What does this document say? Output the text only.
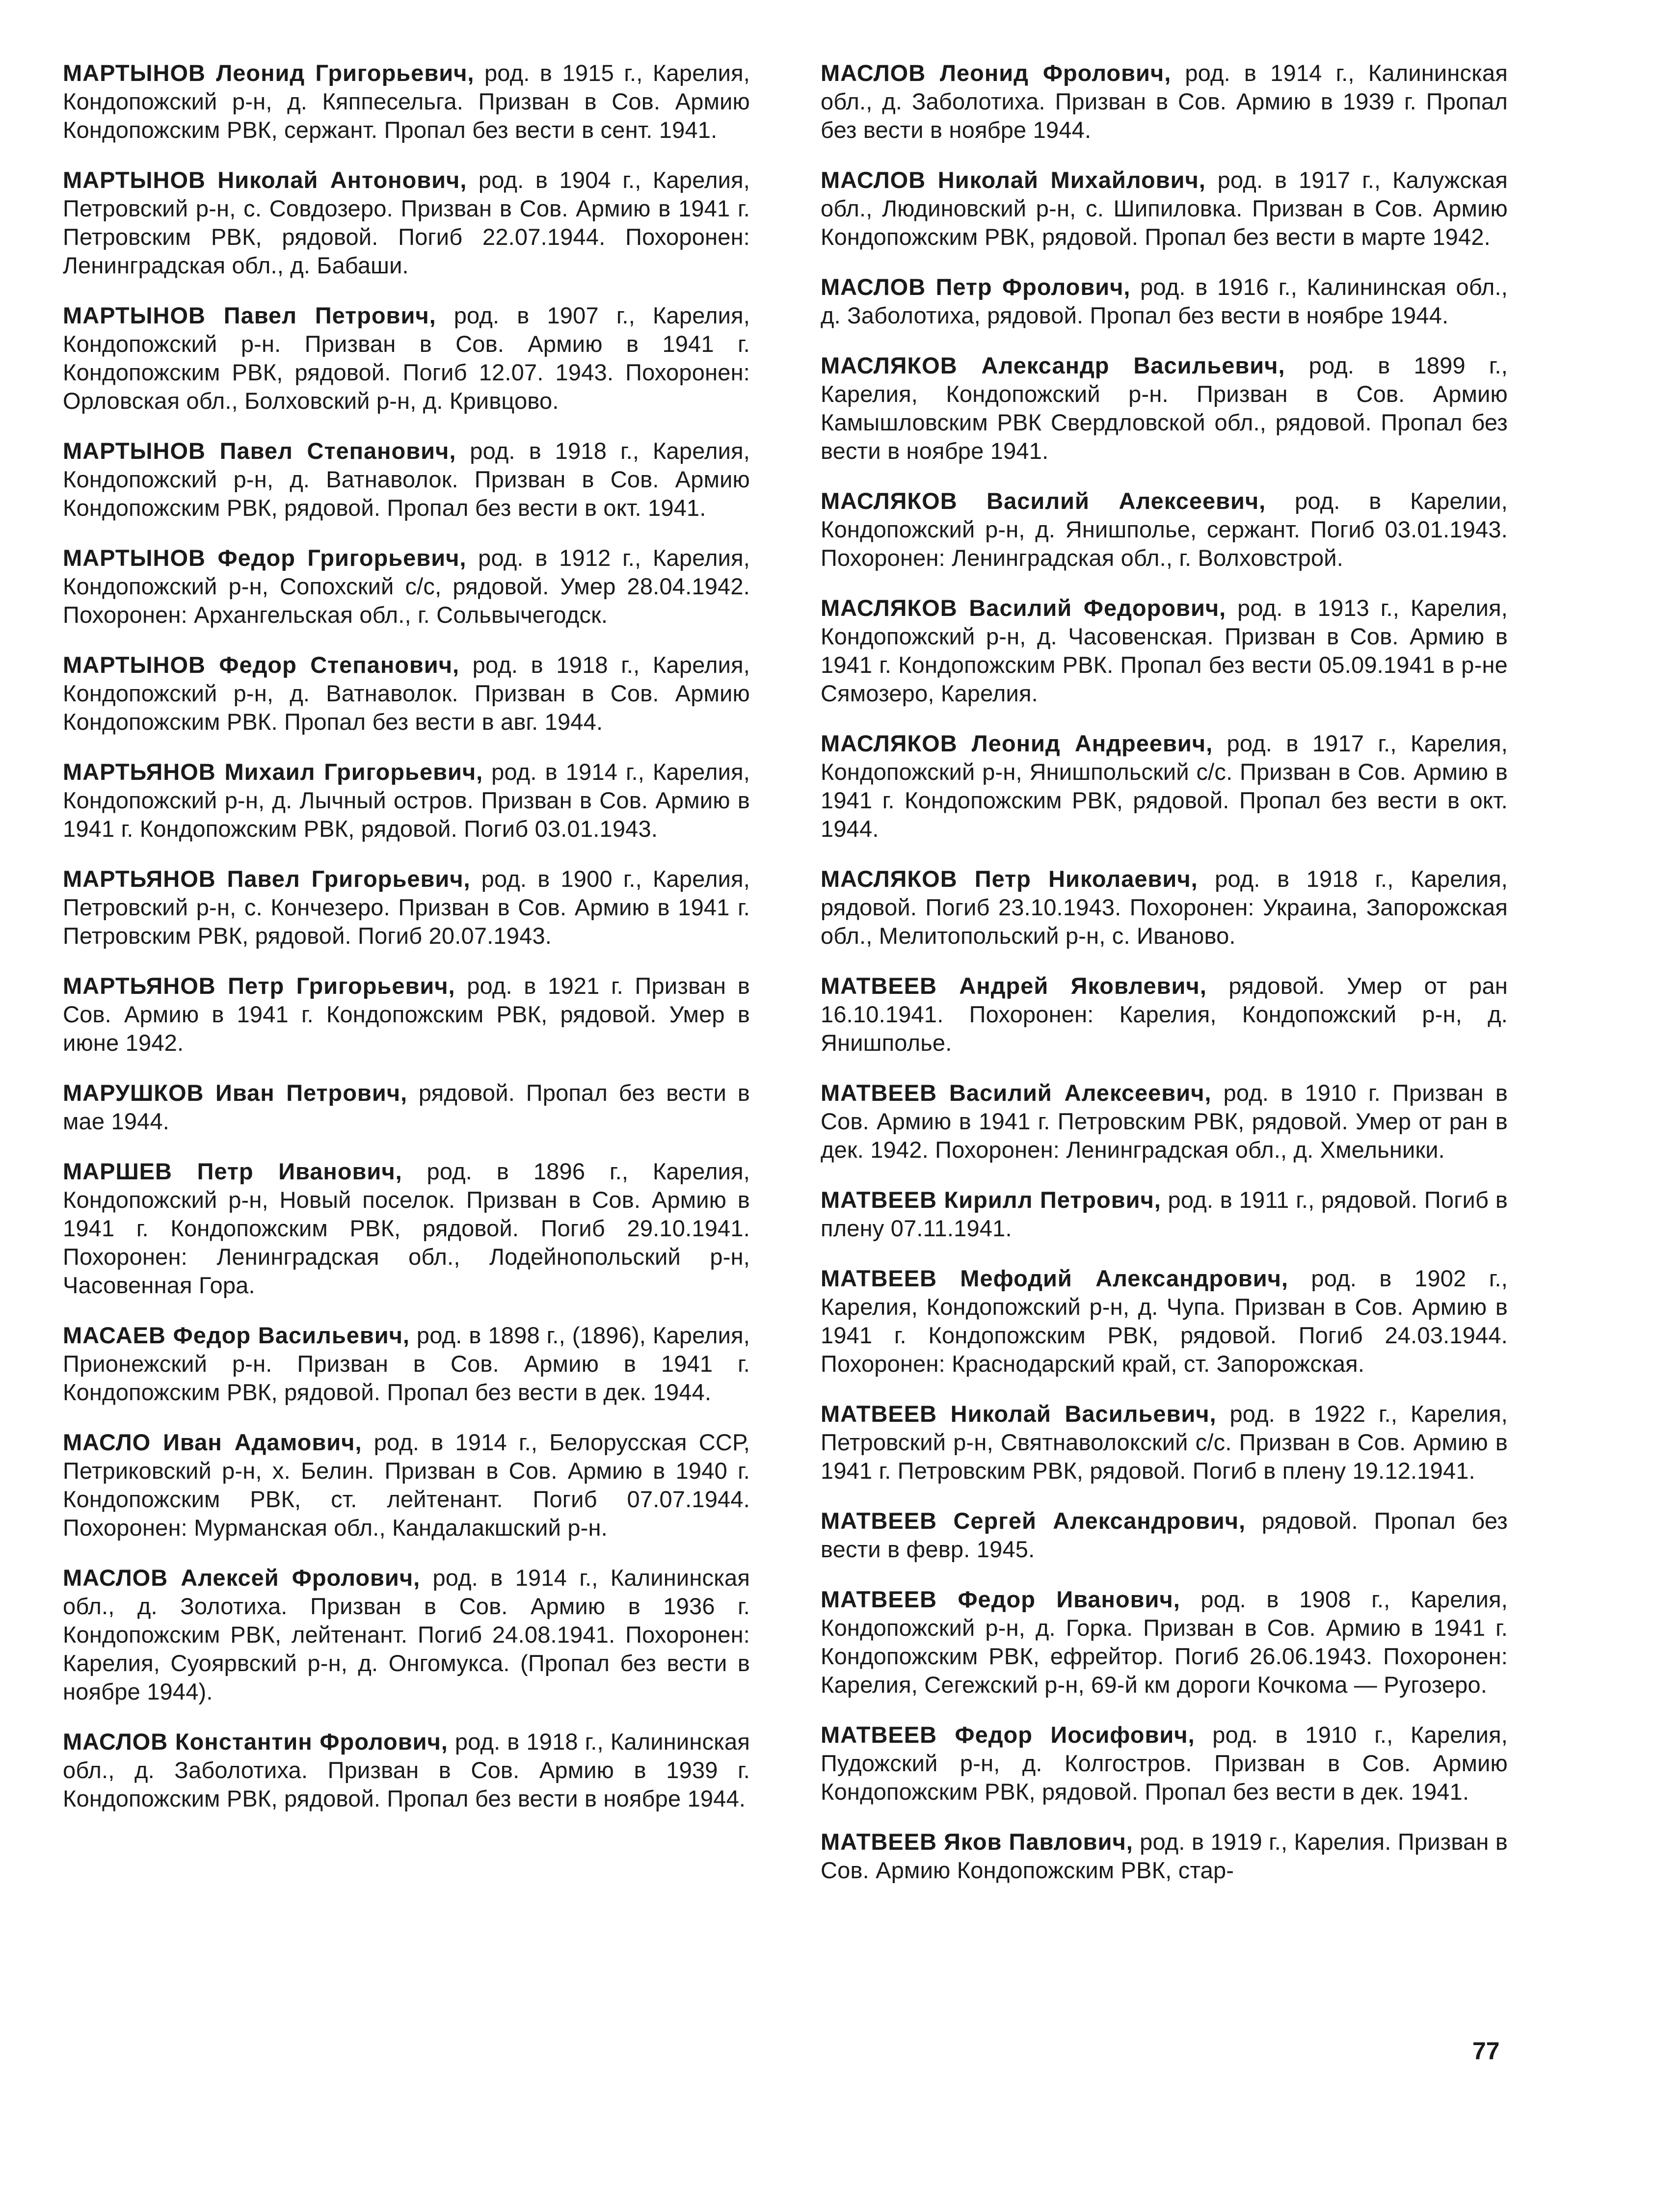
МАРТЫНОВ Леонид Григорьевич, род. в 1915 г., Карелия, Кондопожский р-н, д. Кяппесельга. Призван в Сов. Армию Кондопожским РВК, сержант. Пропал без вести в сент. 1941.

МАРТЫНОВ Николай Антонович, род. в 1904 г., Карелия, Петровский р-н, с. Совдозеро. Призван в Сов. Армию в 1941 г. Петровским РВК, рядовой. Погиб 22.07.1944. Похоронен: Ленинградская обл., д. Бабаши.

МАРТЫНОВ Павел Петрович, род. в 1907 г., Карелия, Кондопожский р-н. Призван в Сов. Армию в 1941 г. Кондопожским РВК, рядовой. Погиб 12.07. 1943. Похоронен: Орловская обл., Болховский р-н, д. Кривцово.

МАРТЫНОВ Павел Степанович, род. в 1918 г., Карелия, Кондопожский р-н, д. Ватнаволок. Призван в Сов. Армию Кондопожским РВК, рядовой. Пропал без вести в окт. 1941.

МАРТЫНОВ Федор Григорьевич, род. в 1912 г., Карелия, Кондопожский р-н, Сопохский с/с, рядовой. Умер 28.04.1942. Похоронен: Архангельская обл., г. Сольвычегодск.

МАРТЫНОВ Федор Степанович, род. в 1918 г., Карелия, Кондопожский р-н, д. Ватнаволок. Призван в Сов. Армию Кондопожским РВК. Пропал без вести в авг. 1944.

МАРТЬЯНОВ Михаил Григорьевич, род. в 1914 г., Карелия, Кондопожский р-н, д. Лычный остров. Призван в Сов. Армию в 1941 г. Кондопожским РВК, рядовой. Погиб 03.01.1943.

МАРТЬЯНОВ Павел Григорьевич, род. в 1900 г., Карелия, Петровский р-н, с. Кончезеро. Призван в Сов. Армию в 1941 г. Петровским РВК, рядовой. Погиб 20.07.1943.

МАРТЬЯНОВ Петр Григорьевич, род. в 1921 г. Призван в Сов. Армию в 1941 г. Кондопожским РВК, рядовой. Умер в июне 1942.

МАРУШКОВ Иван Петрович, рядовой. Пропал без вести в мае 1944.

МАРШЕВ Петр Иванович, род. в 1896 г., Карелия, Кондопожский р-н, Новый поселок. Призван в Сов. Армию в 1941 г. Кондопожским РВК, рядовой. Погиб 29.10.1941. Похоронен: Ленинградская обл., Лодейнопольский р-н, Часовенная Гора.

МАСАЕВ Федор Васильевич, род. в 1898 г., (1896), Карелия, Прионежский р-н. Призван в Сов. Армию в 1941 г. Кондопожским РВК, рядовой. Пропал без вести в дек. 1944.

МАСЛО Иван Адамович, род. в 1914 г., Белорусская ССР, Петриковский р-н, х. Белин. Призван в Сов. Армию в 1940 г. Кондопожским РВК, ст. лейтенант. Погиб 07.07.1944. Похоронен: Мурманская обл., Кандалакшский р-н.

МАСЛОВ Алексей Фролович, род. в 1914 г., Калининская обл., д. Золотиха. Призван в Сов. Армию в 1936 г. Кондопожским РВК, лейтенант. Погиб 24.08.1941. Похоронен: Карелия, Суоярвский р-н, д. Онгомукса. (Пропал без вести в ноябре 1944).

МАСЛОВ Константин Фролович, род. в 1918 г., Калининская обл., д. Заболотиха. Призван в Сов. Армию в 1939 г. Кондопожским РВК, рядовой. Пропал без вести в ноябре 1944.

МАСЛОВ Леонид Фролович, род. в 1914 г., Калининская обл., д. Заболотиха. Призван в Сов. Армию в 1939 г. Пропал без вести в ноябре 1944.

МАСЛОВ Николай Михайлович, род. в 1917 г., Калужская обл., Людиновский р-н, с. Шипиловка. Призван в Сов. Армию Кондопожским РВК, рядовой. Пропал без вести в марте 1942.

МАСЛОВ Петр Фролович, род. в 1916 г., Калининская обл., д. Заболотиха, рядовой. Пропал без вести в ноябре 1944.

МАСЛЯКОВ Александр Васильевич, род. в 1899 г., Карелия, Кондопожский р-н. Призван в Сов. Армию Камышловским РВК Свердловской обл., рядовой. Пропал без вести в ноябре 1941.

МАСЛЯКОВ Василий Алексеевич, род. в Карелии, Кондопожский р-н, д. Янишполье, сержант. Погиб 03.01.1943. Похоронен: Ленинградская обл., г. Волховстрой.

МАСЛЯКОВ Василий Федорович, род. в 1913 г., Карелия, Кондопожский р-н, д. Часовенская. Призван в Сов. Армию в 1941 г. Кондопожским РВК. Пропал без вести 05.09.1941 в р-не Сямозеро, Карелия.

МАСЛЯКОВ Леонид Андреевич, род. в 1917 г., Карелия, Кондопожский р-н, Янишпольский с/с. Призван в Сов. Армию в 1941 г. Кондопожским РВК, рядовой. Пропал без вести в окт. 1944.

МАСЛЯКОВ Петр Николаевич, род. в 1918 г., Карелия, рядовой. Погиб 23.10.1943. Похоронен: Украина, Запорожская обл., Мелитопольский р-н, с. Иваново.

МАТВЕЕВ Андрей Яковлевич, рядовой. Умер от ран 16.10.1941. Похоронен: Карелия, Кондопожский р-н, д. Янишполье.

МАТВЕЕВ Василий Алексеевич, род. в 1910 г. Призван в Сов. Армию в 1941 г. Петровским РВК, рядовой. Умер от ран в дек. 1942. Похоронен: Ленинградская обл., д. Хмельники.

МАТВЕЕВ Кирилл Петрович, род. в 1911 г., рядовой. Погиб в плену 07.11.1941.

МАТВЕЕВ Мефодий Александрович, род. в 1902 г., Карелия, Кондопожский р-н, д. Чупа. Призван в Сов. Армию в 1941 г. Кондопожским РВК, рядовой. Погиб 24.03.1944. Похоронен: Краснодарский край, ст. Запорожская.

МАТВЕЕВ Николай Васильевич, род. в 1922 г., Карелия, Петровский р-н, Святнаволокский с/с. Призван в Сов. Армию в 1941 г. Петровским РВК, рядовой. Погиб в плену 19.12.1941.

МАТВЕЕВ Сергей Александрович, рядовой. Пропал без вести в февр. 1945.

МАТВЕЕВ Федор Иванович, род. в 1908 г., Карелия, Кондопожский р-н, д. Горка. Призван в Сов. Армию в 1941 г. Кондопожским РВК, ефрейтор. Погиб 26.06.1943. Похоронен: Карелия, Сегежский р-н, 69-й км дороги Кочкома — Ругозеро.

МАТВЕЕВ Федор Иосифович, род. в 1910 г., Карелия, Пудожский р-н, д. Колгостров. Призван в Сов. Армию Кондопожским РВК, рядовой. Пропал без вести в дек. 1941.

МАТВЕЕВ Яков Павлович, род. в 1919 г., Карелия. Призван в Сов. Армию Кондопожским РВК, стар-

77
